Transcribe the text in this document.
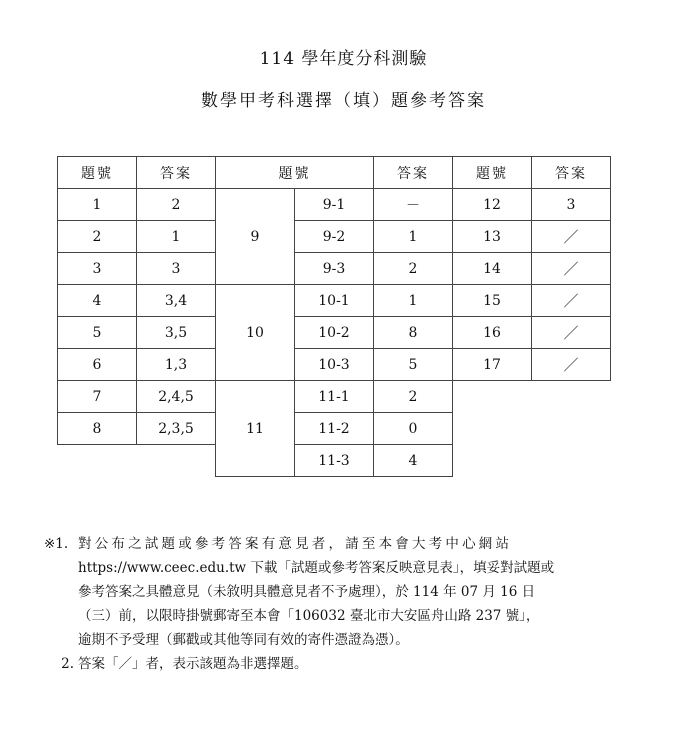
114 學年度分科測驗
數學甲考科選擇（填）題參考答案
題號	答案	題號		答案	題號	答案
1	2	9	9-1	－	12	3
2	1		9-2	1	13	／
3	3		9-3	2	14	／
4	3,4	10	10-1	1	15	／
5	3,5		10-2	8	16	／
6	1,3		10-3	5	17	／
7	2,4,5	11	11-1	2		
8	2,3,5		11-2	0		
			11-3	4		
※1. 對公布之試題或參考答案有意見者，請至本會大考中心網站
https://www.ceec.edu.tw 下載「試題或參考答案反映意見表」，填妥對試題或
參考答案之具體意見（未敘明具體意見者不予處理），於 114 年 07 月 16 日
（三）前，以限時掛號郵寄至本會「106032 臺北市大安區舟山路 237 號」，
逾期不予受理（郵戳或其他等同有效的寄件憑證為憑）。
2. 答案「／」者，表示該題為非選擇題。
